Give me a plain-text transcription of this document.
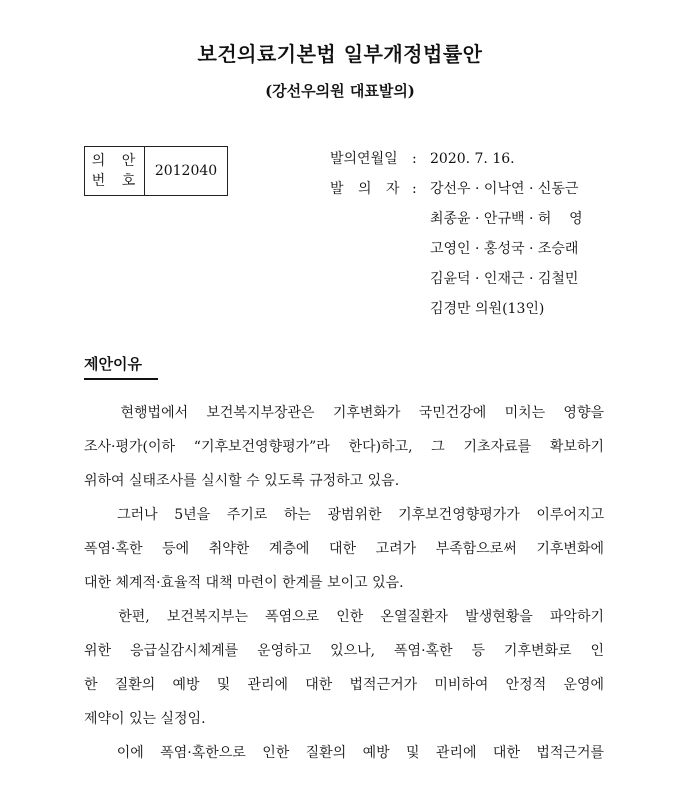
보건의료기본법 일부개정법률안
(강선우의원 대표발의)
의 안
번 호
2012040
발의연월일	: 2020. 7. 16.
발 의 자 : 강선우 · 이낙연 · 신동근
최종윤 · 안규백 · 허    영
고영인 · 홍성국 · 조승래
김윤덕 · 인재근 · 김철민
김경만 의원(13인)
제안이유
현행법에서 보건복지부장관은 기후변화가 국민건강에 미치는 영향을
조사·평가(이하 “기후보건영향평가”라 한다)하고, 그 기초자료를 확보하기
위하여 실태조사를 실시할 수 있도록 규정하고 있음.
그러나 5년을 주기로 하는 광범위한 기후보건영향평가가 이루어지고
폭염·혹한 등에 취약한 계층에 대한 고려가 부족함으로써 기후변화에
대한 체계적·효율적 대책 마련이 한계를 보이고 있음.
한편, 보건복지부는 폭염으로 인한 온열질환자 발생현황을 파악하기
위한 응급실감시체계를 운영하고 있으나, 폭염·혹한 등 기후변화로 인
한 질환의 예방 및 관리에 대한 법적근거가 미비하여 안정적 운영에
제약이 있는 실정임.
이에 폭염·혹한으로 인한 질환의 예방 및 관리에 대한 법적근거를
